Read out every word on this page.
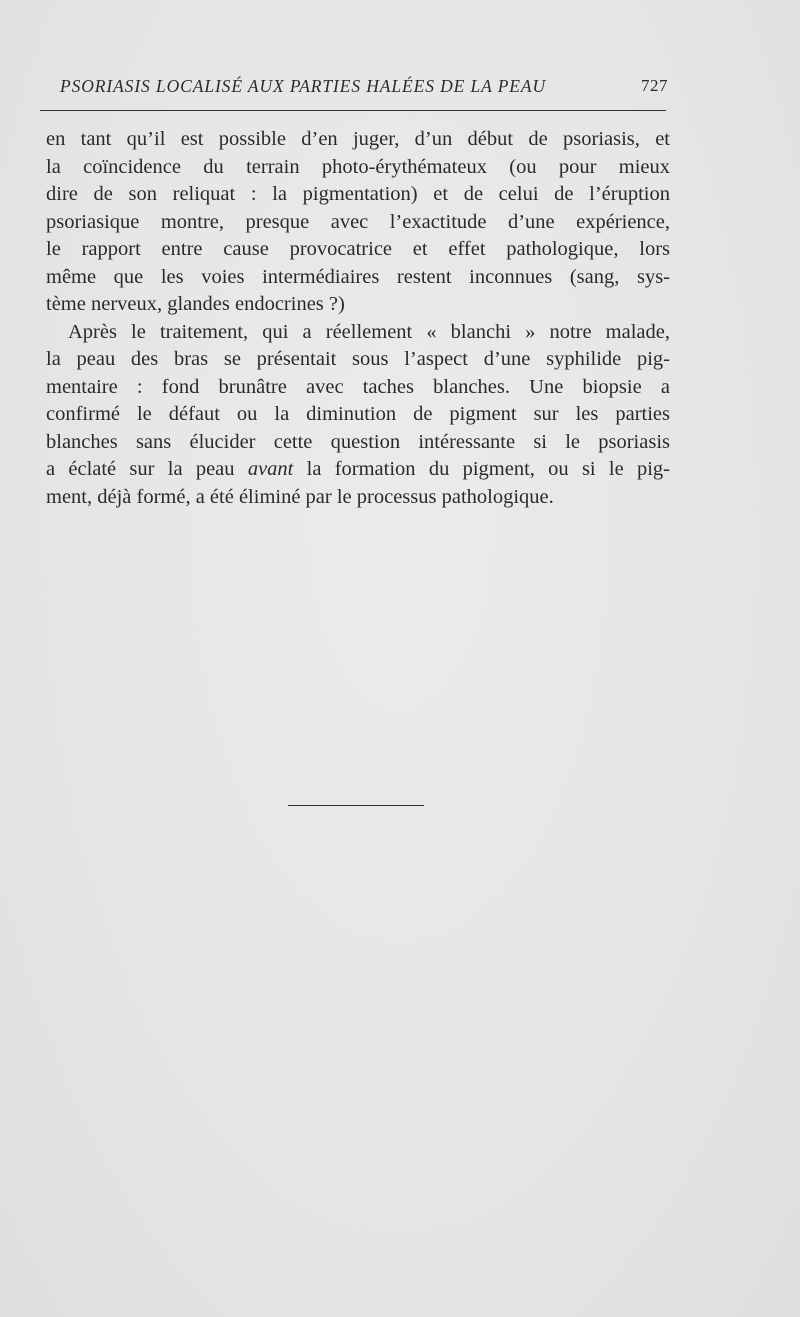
PSORIASIS LOCALISÉ AUX PARTIES HALÉES DE LA PEAU	727
en tant qu’il est possible d’en juger, d’un début de psoriasis, et
la coïncidence du terrain photo-érythémateux (ou pour mieux
dire de son reliquat : la pigmentation) et de celui de l’éruption
psoriasique montre, presque avec l’exactitude d’une expérience,
le rapport entre cause provocatrice et effet pathologique, lors
même que les voies intermédiaires restent inconnues (sang, sys-
tème nerveux, glandes endocrines ?)
Après le traitement, qui a réellement « blanchi » notre malade,
la peau des bras se présentait sous l’aspect d’une syphilide pig-
mentaire : fond brunâtre avec taches blanches. Une biopsie a
confirmé le défaut ou la diminution de pigment sur les parties
blanches sans élucider cette question intéressante si le psoriasis
a éclaté sur la peau avant la formation du pigment, ou si le pig-
ment, déjà formé, a été éliminé par le processus pathologique.
